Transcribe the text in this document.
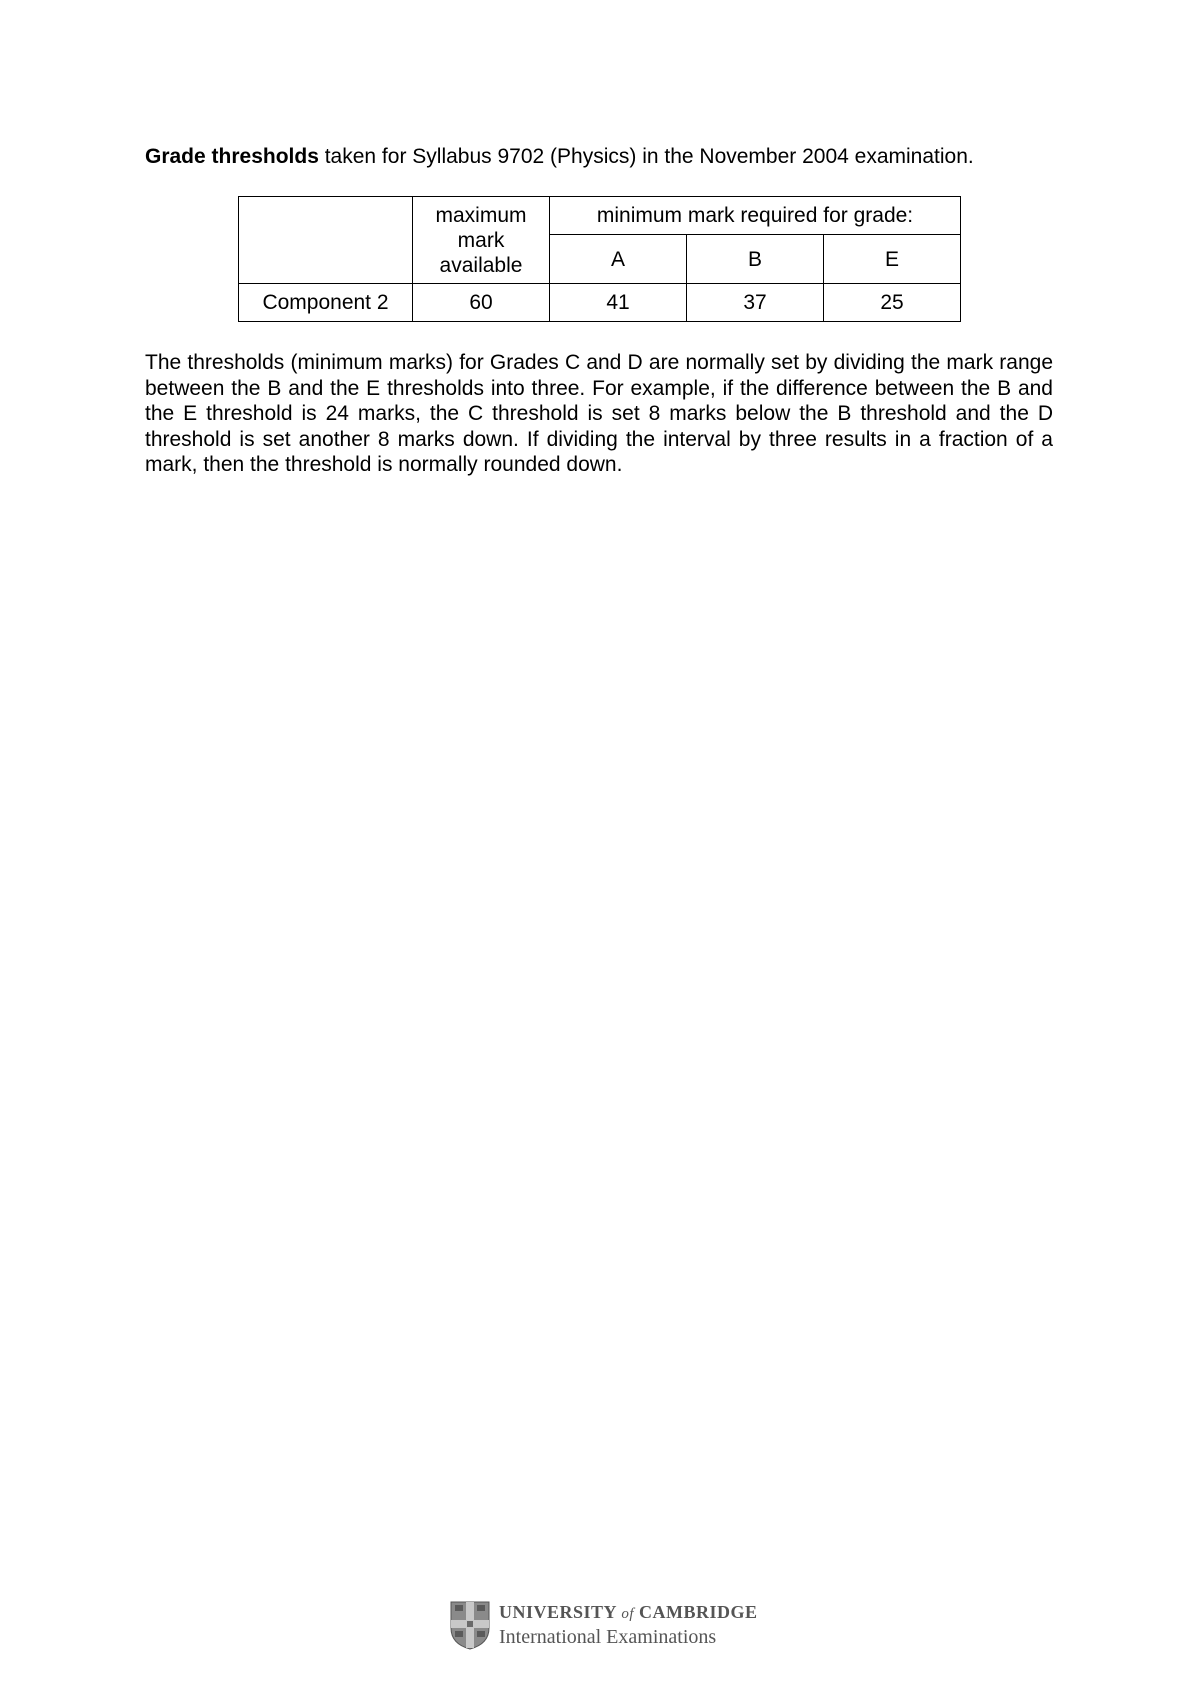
Grade thresholds taken for Syllabus 9702 (Physics) in the November 2004 examination.

	maximum mark available	minimum mark required for grade:		
		A	B	E
Component 2	60	41	37	25

The thresholds (minimum marks) for Grades C and D are normally set by dividing the mark range between the B and the E thresholds into three. For example, if the difference between the B and the E threshold is 24 marks, the C threshold is set 8 marks below the B threshold and the D threshold is set another 8 marks down. If dividing the interval by three results in a fraction of a mark, then the threshold is normally rounded down.

UNIVERSITY of CAMBRIDGE
International Examinations
